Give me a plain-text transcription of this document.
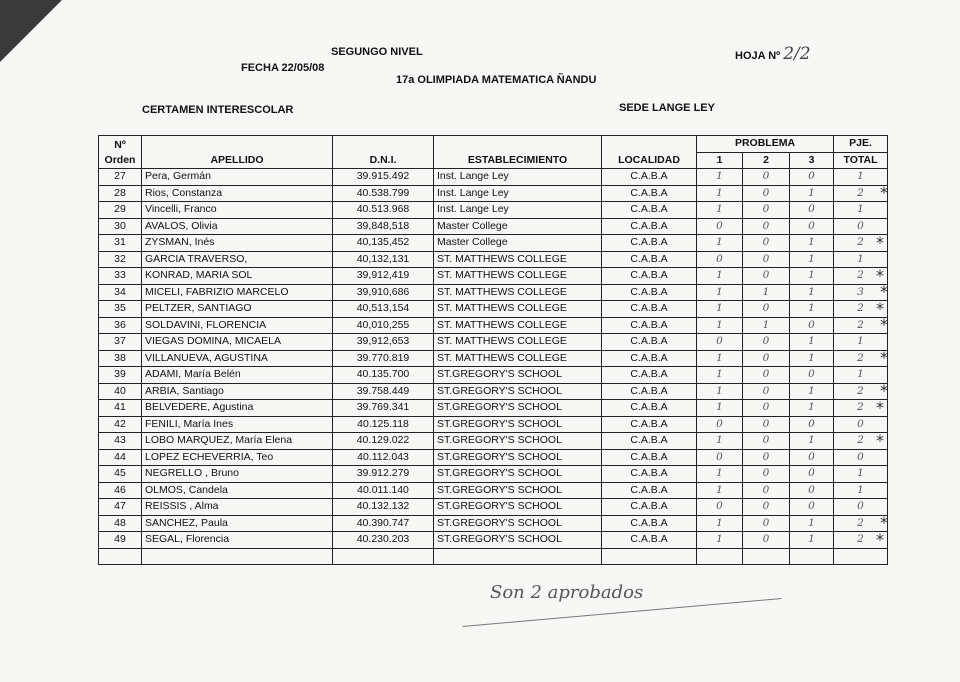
SEGUNGO NIVEL
FECHA 22/05/08
17a OLIMPIADA MATEMATICA ÑANDU
HOJA Nº 2/2
CERTAMEN INTERESCOLAR	SEDE LANGE LEY
Nº
Orden	APELLIDO	D.N.I.	ESTABLECIMIENTO	LOCALIDAD	PROBLEMA			PJE.
					1	2	3	TOTAL
27	Pera, Germán	39.915.492	Inst. Lange Ley	C.A.B.A	1	0	0	1
28	Rios, Constanza	40.538.799	Inst. Lange Ley	C.A.B.A	1	0	1	2
29	Vincelli, Franco	40.513.968	Inst. Lange Ley	C.A.B.A	1	0	0	1
30	AVALOS, Olivia	39,848,518	Master College	C.A.B.A	0	0	0	0
31	ZYSMAN, Inés	40,135,452	Master College	C.A.B.A	1	0	1	2
32	GARCIA TRAVERSO,	40,132,131	ST. MATTHEWS COLLEGE	C.A.B.A	0	0	1	1
33	KONRAD, MARIA SOL	39,912,419	ST. MATTHEWS COLLEGE	C.A.B.A	1	0	1	2
34	MICELI, FABRIZIO MARCELO	39,910,686	ST. MATTHEWS COLLEGE	C.A.B.A	1	1	1	3
35	PELTZER, SANTIAGO	40,513,154	ST. MATTHEWS COLLEGE	C.A.B.A	1	0	1	2
36	SOLDAVINI, FLORENCIA	40,010,255	ST. MATTHEWS COLLEGE	C.A.B.A	1	1	0	2
37	VIEGAS DOMINA, MICAELA	39,912,653	ST. MATTHEWS COLLEGE	C.A.B.A	0	0	1	1
38	VILLANUEVA, AGUSTINA	39.770.819	ST. MATTHEWS COLLEGE	C.A.B.A	1	0	1	2
39	ADAMI, María Belén	40.135.700	ST.GREGORY'S SCHOOL	C.A.B.A	1	0	0	1
40	ARBIA, Santiago	39.758.449	ST.GREGORY'S SCHOOL	C.A.B.A	1	0	1	2
41	BELVEDERE, Agustina	39.769.341	ST.GREGORY'S SCHOOL	C.A.B.A	1	0	1	2
42	FENILI, María Ines	40.125.118	ST.GREGORY'S SCHOOL	C.A.B.A	0	0	0	0
43	LOBO MARQUEZ, María Elena	40.129.022	ST.GREGORY'S SCHOOL	C.A.B.A	1	0	1	2
44	LOPEZ ECHEVERRIA, Teo	40.112.043	ST.GREGORY'S SCHOOL	C.A.B.A	0	0	0	0
45	NEGRELLO , Bruno	39.912.279	ST.GREGORY'S SCHOOL	C.A.B.A	1	0	0	1
46	OLMOS, Candela	40.011.140	ST.GREGORY'S SCHOOL	C.A.B.A	1	0	0	1
47	REISSIS , Alma	40.132.132	ST.GREGORY'S SCHOOL	C.A.B.A	0	0	0	0
48	SANCHEZ, Paula	40.390.747	ST.GREGORY'S SCHOOL	C.A.B.A	1	0	1	2
49	SEGAL, Florencia	40.230.203	ST.GREGORY'S SCHOOL	C.A.B.A	1	0	1	2

*
*
*
*
*
*
*
*
*
*
*
*
Son 2 aprobados
